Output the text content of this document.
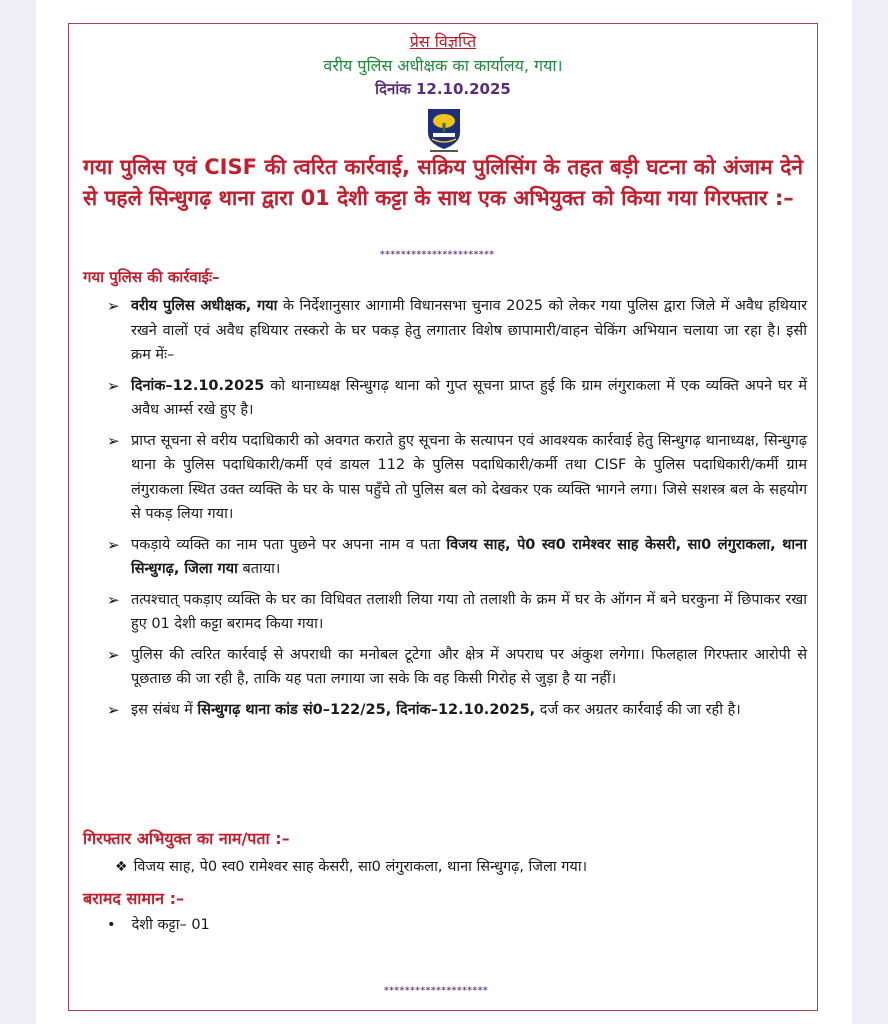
प्रेस विज्ञप्ति
वरीय पुलिस अधीक्षक का कार्यालय, गया।
दिनांक 12.10.2025
गया पुलिस एवं CISF की त्वरित कार्रवाई, सक्रिय पुलिसिंग के तहत बड़ी घटना को अंजाम देने से पहले सिन्धुगढ़ थाना द्वारा 01 देशी कट्टा के साथ एक अभियुक्त को किया गया गिरफ्तार :–
**********************
गया पुलिस की कार्रवाईः–
➢ वरीय पुलिस अधीक्षक, गया के निर्देशानुसार आगामी विधानसभा चुनाव 2025 को लेकर गया पुलिस द्वारा जिले में अवैध हथियार रखने वालों एवं अवैध हथियार तस्करो के घर पकड़ हेतु लगातार विशेष छापामारी/वाहन चेकिंग अभियान चलाया जा रहा है। इसी क्रम मेंः–
➢ दिनांक–12.10.2025 को थानाध्यक्ष सिन्धुगढ़ थाना को गुप्त सूचना प्राप्त हुई कि ग्राम लंगुराकला में एक व्यक्ति अपने घर में अवैध आर्म्स रखे हुए है।
➢ प्राप्त सूचना से वरीय पदाधिकारी को अवगत कराते हुए सूचना के सत्यापन एवं आवश्यक कार्रवाई हेतु सिन्धुगढ़ थानाध्यक्ष, सिन्धुगढ़ थाना के पुलिस पदाधिकारी/कर्मी एवं डायल 112 के पुलिस पदाधिकारी/कर्मी तथा CISF के पुलिस पदाधिकारी/कर्मी ग्राम लंगुराकला स्थित उक्त व्यक्ति के घर के पास पहुँचे तो पुलिस बल को देखकर एक व्यक्ति भागने लगा। जिसे सशस्त्र बल के सहयोग से पकड़ लिया गया।
➢ पकड़ाये व्यक्ति का नाम पता पुछने पर अपना नाम व पता विजय साह, पे0 स्व0 रामेश्वर साह केसरी, सा0 लंगुराकला, थाना सिन्धुगढ़, जिला गया बताया।
➢ तत्पश्चात् पकड़ाए व्यक्ति के घर का विधिवत तलाशी लिया गया तो तलाशी के क्रम में घर के ऑगन में बने घरकुना में छिपाकर रखा हुए 01 देशी कट्टा बरामद किया गया।
➢ पुलिस की त्वरित कार्रवाई से अपराधी का मनोबल टूटेगा और क्षेत्र में अपराध पर अंकुश लगेगा। फिलहाल गिरफ्तार आरोपी से पूछताछ की जा रही है, ताकि यह पता लगाया जा सके कि वह किसी गिरोह से जुड़ा है या नहीं।
➢ इस संबंध में सिन्धुगढ़ थाना कांड सं0–122/25, दिनांक–12.10.2025, दर्ज कर अग्रतर कार्रवाई की जा रही है।
गिरफ्तार अभियुक्त का नाम/पता :–
❖ विजय साह, पे0 स्व0 रामेश्वर साह केसरी, सा0 लंगुराकला, थाना सिन्धुगढ़, जिला गया।
बरामद सामान :–
• देशी कट्टा– 01
********************
